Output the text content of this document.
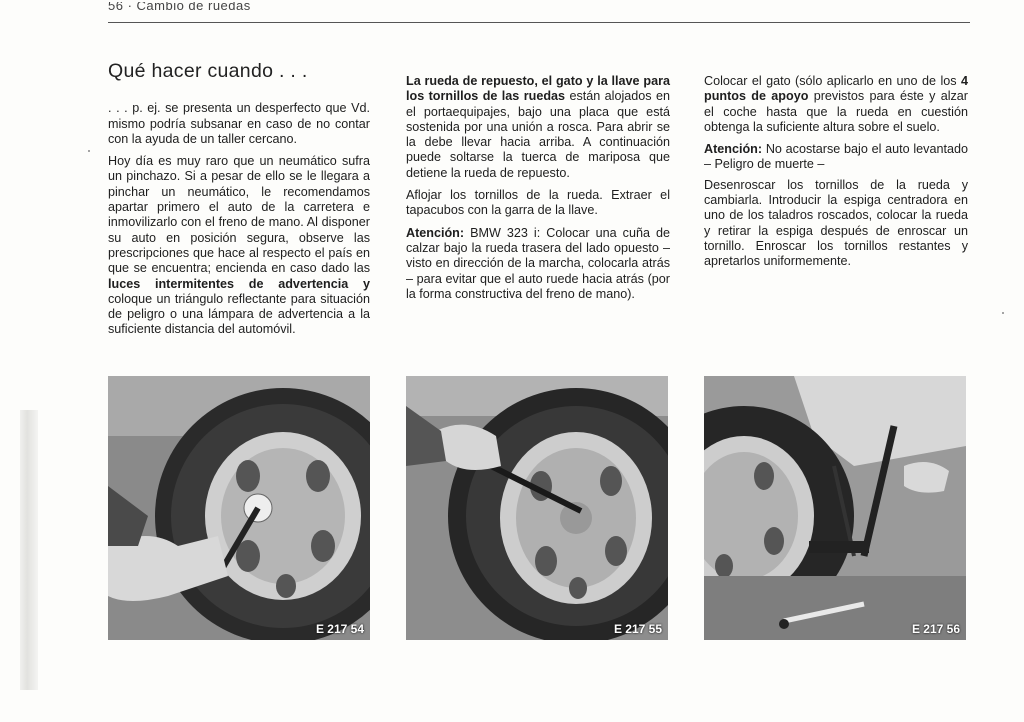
56 · Cambio de ruedas
Qué hacer cuando . . .

. . . p. ej. se presenta un desperfecto que Vd. mismo podría subsanar en caso de no contar con la ayuda de un taller cercano.

Hoy día es muy raro que un neumático sufra un pinchazo. Si a pesar de ello se le llegara a pinchar un neumático, le recomendamos apartar primero el auto de la carretera e inmovilizarlo con el freno de mano. Al disponer su auto en posición segura, observe las prescripciones que hace al respecto el país en que se encuentra; encienda en caso dado las luces intermitentes de advertencia y coloque un triángulo reflectante para situación de peligro o una lámpara de advertencia a la suficiente distancia del automóvil.

La rueda de repuesto, el gato y la llave para los tornillos de las ruedas están alojados en el portaequipajes, bajo una placa que está sostenida por una unión a rosca. Para abrir se la debe llevar hacia arriba. A continuación puede soltarse la tuerca de mariposa que detiene la rueda de repuesto.

Aflojar los tornillos de la rueda. Extraer el tapacubos con la garra de la llave.

Atención: BMW 323 i: Colocar una cuña de calzar bajo la rueda trasera del lado opuesto – visto en dirección de la marcha, colocarla atrás – para evitar que el auto ruede hacia atrás (por la forma constructiva del freno de mano).

Colocar el gato (sólo aplicarlo en uno de los 4 puntos de apoyo previstos para éste y alzar el coche hasta que la rueda en cuestión obtenga la suficiente altura sobre el suelo.

Atención: No acostarse bajo el auto levantado – Peligro de muerte –

Desenroscar los tornillos de la rueda y cambiarla. Introducir la espiga centradora en uno de los taladros roscados, colocar la rueda y retirar la espiga después de enroscar un tornillo. Enroscar los tornillos restantes y apretarlos uniformemente.

E 217 54	E 217 55	E 217 56
